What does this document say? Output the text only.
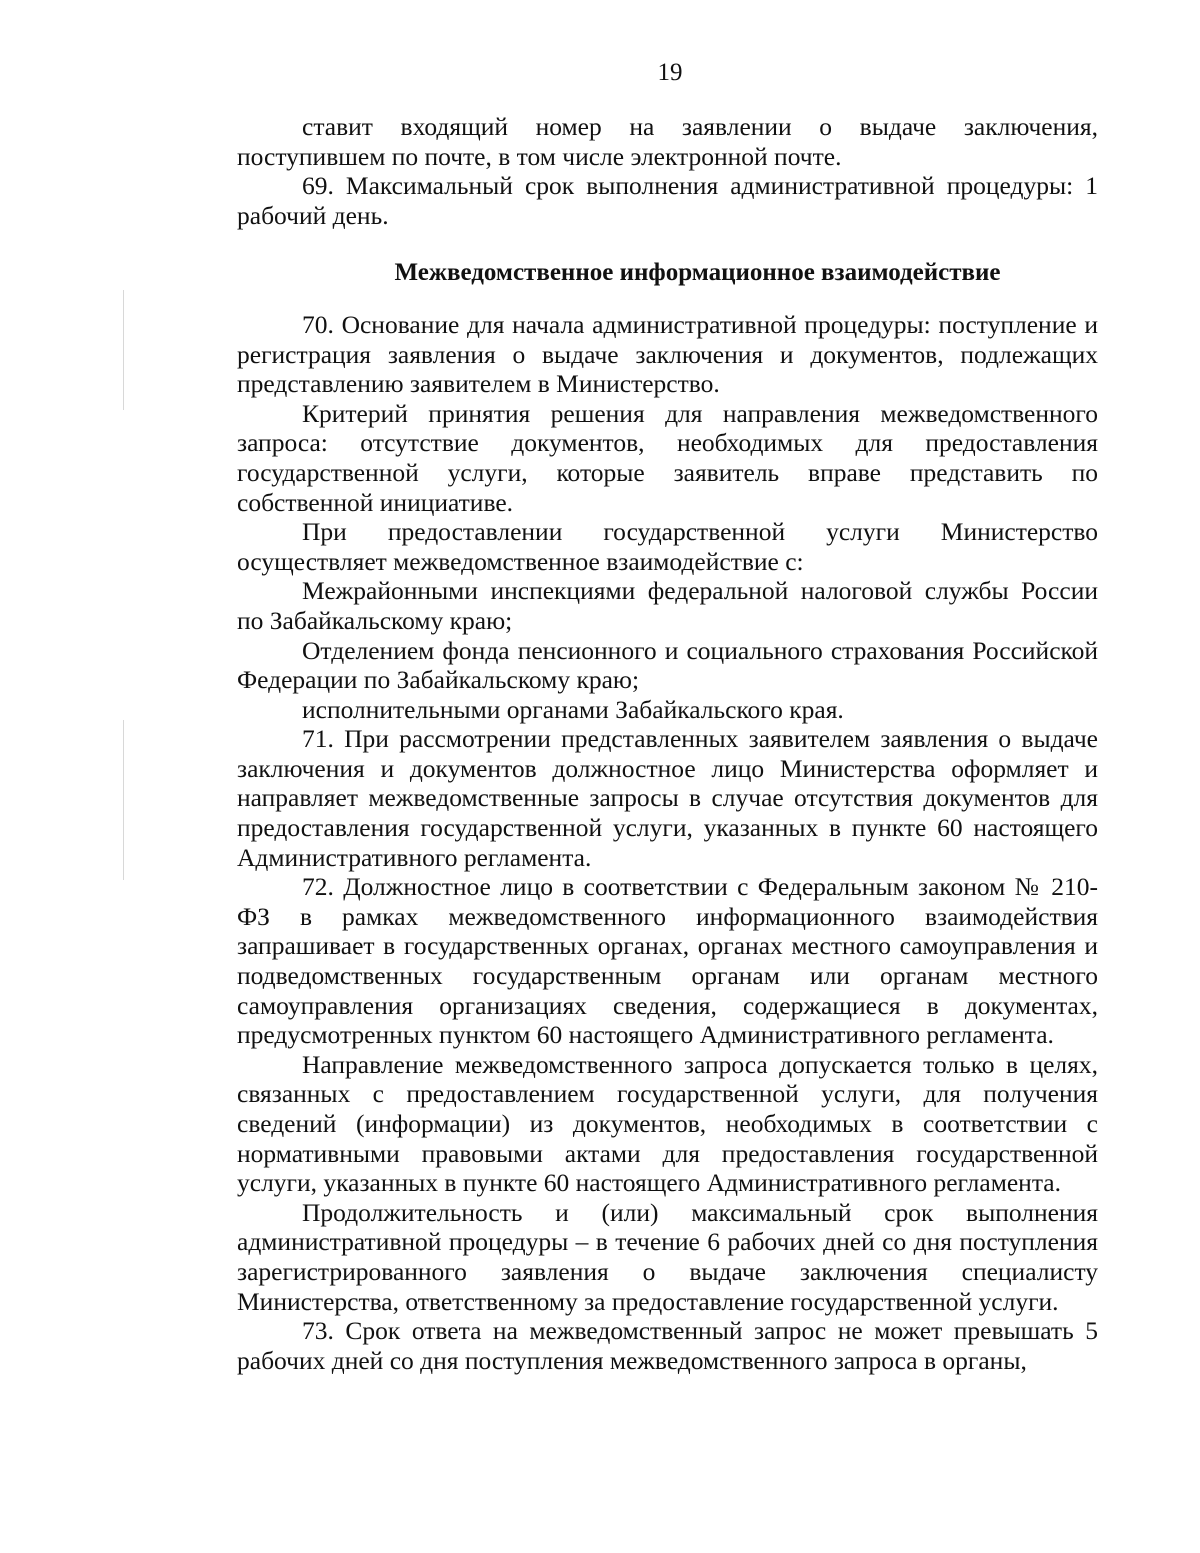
19

ставит входящий номер на заявлении о выдаче заключения, поступившем по почте, в том числе электронной почте.

69. Максимальный срок выполнения административной процедуры: 1 рабочий день.

Межведомственное информационное взаимодействие

70. Основание для начала административной процедуры: поступление и регистрация заявления о выдаче заключения и документов, подлежащих представлению заявителем в Министерство.

Критерий принятия решения для направления межведомственного запроса: отсутствие документов, необходимых для предоставления государственной услуги, которые заявитель вправе представить по собственной инициативе.

При предоставлении государственной услуги Министерство осуществляет межведомственное взаимодействие с:

Межрайонными инспекциями федеральной налоговой службы России по Забайкальскому краю;

Отделением фонда пенсионного и социального страхования Российской Федерации по Забайкальскому краю;

исполнительными органами Забайкальского края.

71. При рассмотрении представленных заявителем заявления о выдаче заключения и документов должностное лицо Министерства оформляет и направляет межведомственные запросы в случае отсутствия документов для предоставления государственной услуги, указанных в пункте 60 настоящего Административного регламента.

72. Должностное лицо в соответствии с Федеральным законом № 210-ФЗ в рамках межведомственного информационного взаимодействия запрашивает в государственных органах, органах местного самоуправления и подведомственных государственным органам или органам местного самоуправления организациях сведения, содержащиеся в документах, предусмотренных пунктом 60 настоящего Административного регламента.

Направление межведомственного запроса допускается только в целях, связанных с предоставлением государственной услуги, для получения сведений (информации) из документов, необходимых в соответствии с нормативными правовыми актами для предоставления государственной услуги, указанных в пункте 60 настоящего Административного регламента.

Продолжительность и (или) максимальный срок выполнения административной процедуры – в течение 6 рабочих дней со дня поступления зарегистрированного заявления о выдаче заключения специалисту Министерства, ответственному за предоставление государственной услуги.

73. Срок ответа на межведомственный запрос не может превышать 5 рабочих дней со дня поступления межведомственного запроса в органы,
